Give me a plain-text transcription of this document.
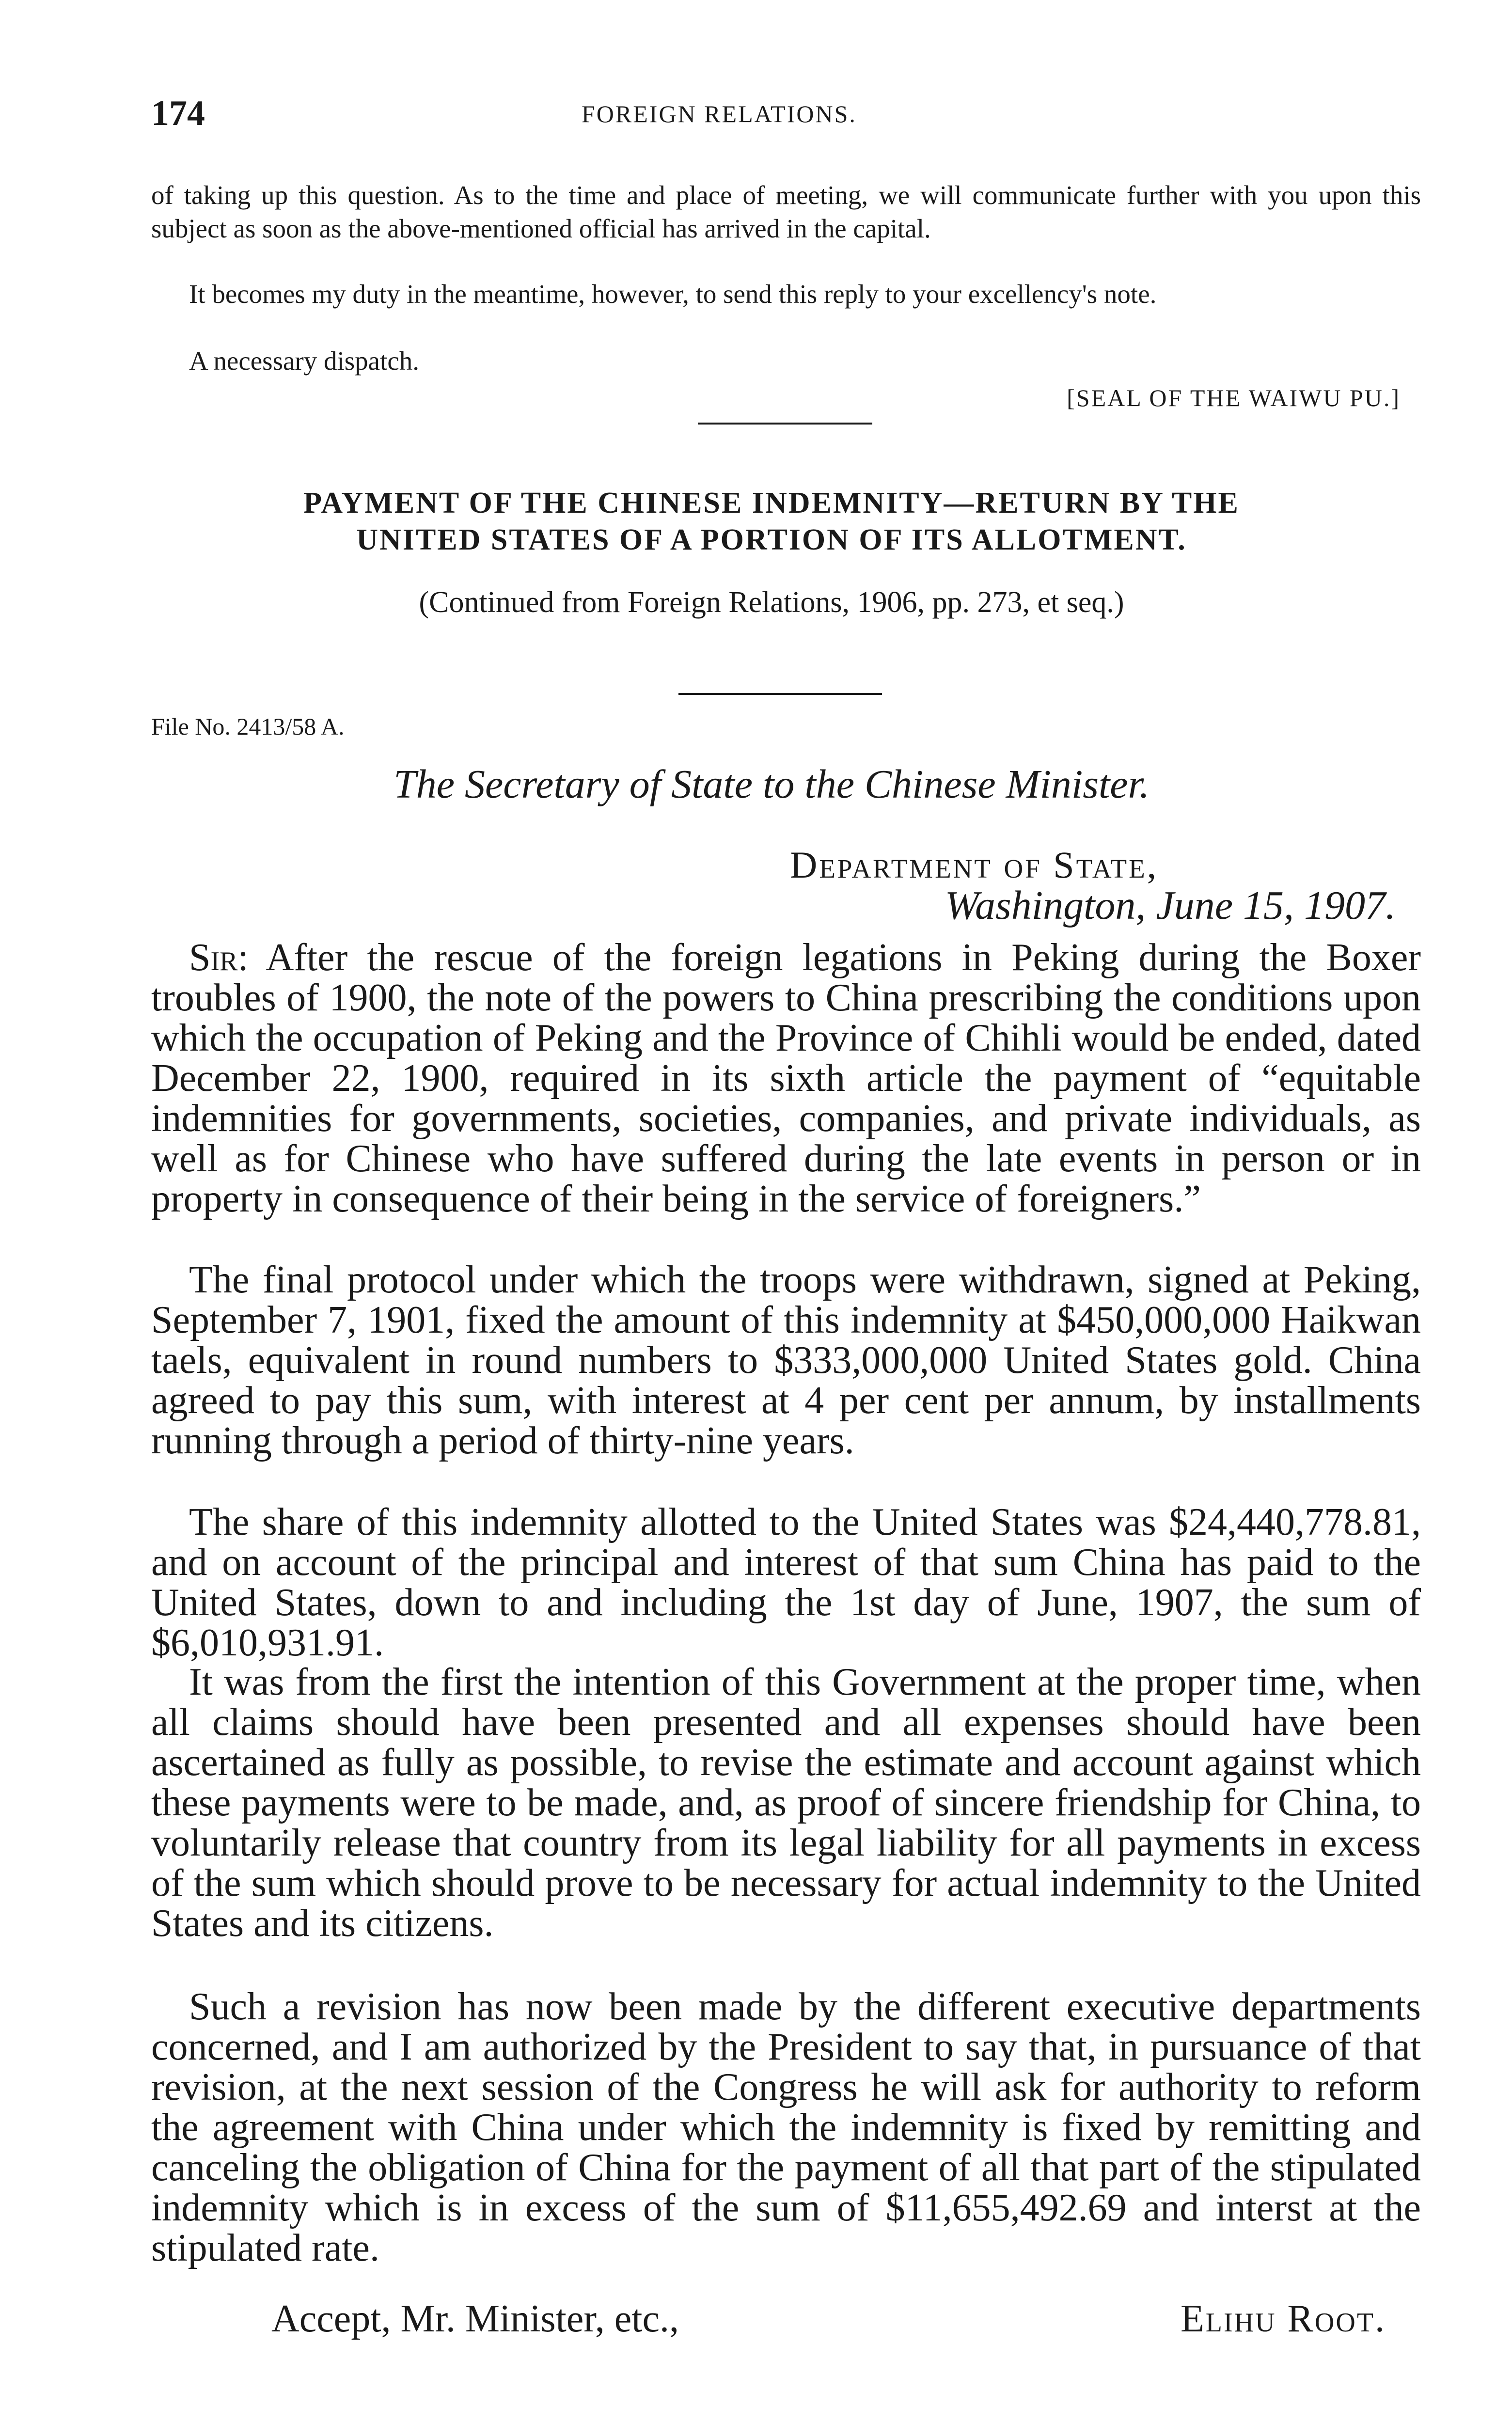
174	FOREIGN RELATIONS.
of taking up this question. As to the time and place of meeting, we will communicate further with you upon this subject as soon as the above-mentioned official has arrived in the capital.
It becomes my duty in the meantime, however, to send this reply to your excellency's note.
A necessary dispatch.
[SEAL OF THE WAIWU PU.]
PAYMENT OF THE CHINESE INDEMNITY—RETURN BY THE
UNITED STATES OF A PORTION OF ITS ALLOTMENT.
(Continued from Foreign Relations, 1906, pp. 273, et seq.)
File No. 2413/58 A.
The Secretary of State to the Chinese Minister.
Department of State,
Washington, June 15, 1907.
Sir: After the rescue of the foreign legations in Peking during the Boxer troubles of 1900, the note of the powers to China prescribing the conditions upon which the occupation of Peking and the Province of Chihli would be ended, dated December 22, 1900, required in its sixth article the payment of “equitable indemnities for governments, societies, companies, and private individuals, as well as for Chinese who have suffered during the late events in person or in property in consequence of their being in the service of foreigners.”
The final protocol under which the troops were withdrawn, signed at Peking, September 7, 1901, fixed the amount of this indemnity at $450,000,000 Haikwan taels, equivalent in round numbers to $333,000,000 United States gold. China agreed to pay this sum, with interest at 4 per cent per annum, by installments running through a period of thirty-nine years.
The share of this indemnity allotted to the United States was $24,440,778.81, and on account of the principal and interest of that sum China has paid to the United States, down to and including the 1st day of June, 1907, the sum of $6,010,931.91.
It was from the first the intention of this Government at the proper time, when all claims should have been presented and all expenses should have been ascertained as fully as possible, to revise the estimate and account against which these payments were to be made, and, as proof of sincere friendship for China, to voluntarily release that country from its legal liability for all payments in excess of the sum which should prove to be necessary for actual indemnity to the United States and its citizens.
Such a revision has now been made by the different executive departments concerned, and I am authorized by the President to say that, in pursuance of that revision, at the next session of the Congress he will ask for authority to reform the agreement with China under which the indemnity is fixed by remitting and canceling the obligation of China for the payment of all that part of the stipulated indemnity which is in excess of the sum of $11,655,492.69 and interst at the stipulated rate.
Accept, Mr. Minister, etc.,	Elihu Root.
